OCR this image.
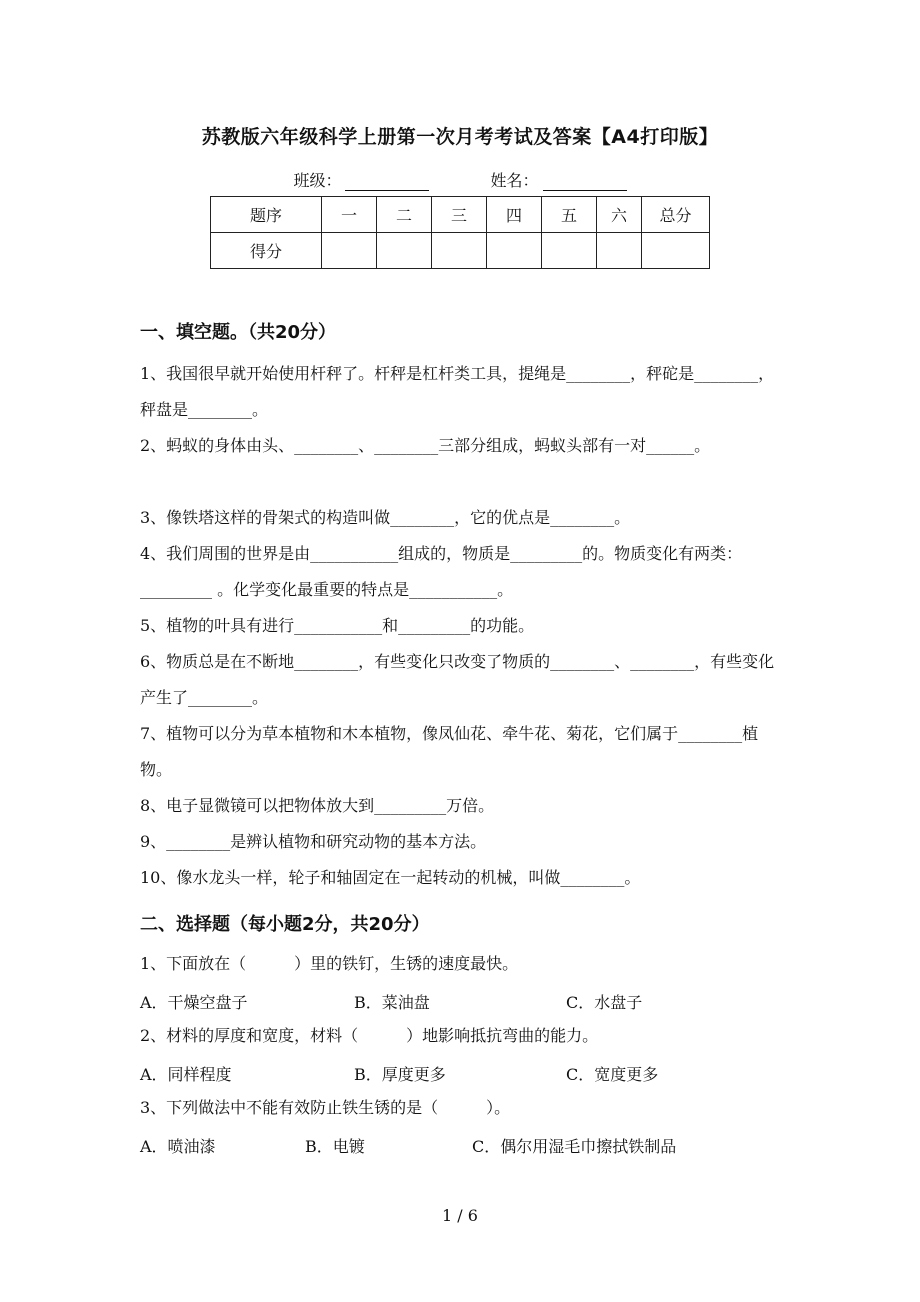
苏教版六年级科学上册第一次月考考试及答案【A4打印版】
班级：	姓名：
题序	一	二	三	四	五	六	总分
得分							
一、填空题。（共20分）
1、我国很早就开始使用杆秤了。杆秤是杠杆类工具，提绳是________，秤砣是________，秤盘是________。
2、蚂蚁的身体由头、________、________三部分组成，蚂蚁头部有一对______。
3、像铁塔这样的骨架式的构造叫做________，它的优点是________。
4、我们周围的世界是由___________组成的，物质是_________的。物质变化有两类：_________ 。化学变化最重要的特点是___________。
5、植物的叶具有进行___________和_________的功能。
6、物质总是在不断地________，有些变化只改变了物质的________、________，有些变化产生了________。
7、植物可以分为草本植物和木本植物，像凤仙花、牵牛花、菊花，它们属于________植物。
8、电子显微镜可以把物体放大到_________万倍。
9、________是辨认植物和研究动物的基本方法。
10、像水龙头一样，轮子和轴固定在一起转动的机械，叫做________。
二、选择题（每小题2分，共20分）
1、下面放在（　　　）里的铁钉，生锈的速度最快。
A．干燥空盘子	B．菜油盘	C．水盘子
2、材料的厚度和宽度，材料（　　　）地影响抵抗弯曲的能力。
A．同样程度	B．厚度更多	C．宽度更多
3、下列做法中不能有效防止铁生锈的是（　　　）。
A．喷油漆	B．电镀	C．偶尔用湿毛巾擦拭铁制品
1 / 6
